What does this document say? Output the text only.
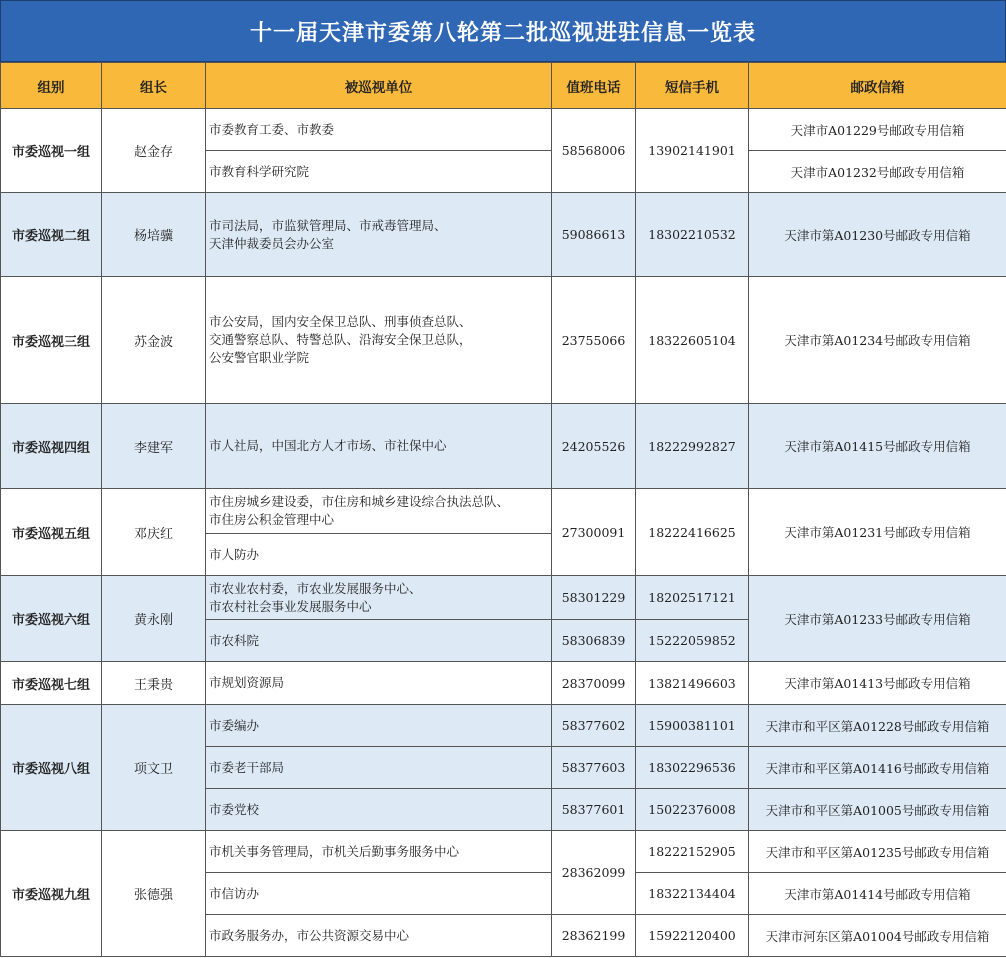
十一届天津市委第八轮第二批巡视进驻信息一览表
组别	组长	被巡视单位	值班电话	短信手机	邮政信箱
市委巡视一组	赵金存	市委教育工委、市教委	58568006	13902141901	天津市A01229号邮政专用信箱
		市教育科学研究院			天津市A01232号邮政专用信箱
市委巡视二组	杨培骥	市司法局，市监狱管理局、市戒毒管理局、
天津仲裁委员会办公室	59086613	18302210532	天津市第A01230号邮政专用信箱
市委巡视三组	苏金波	市公安局，国内安全保卫总队、刑事侦查总队、
交通警察总队、特警总队、沿海安全保卫总队，
公安警官职业学院	23755066	18322605104	天津市第A01234号邮政专用信箱
市委巡视四组	李建军	市人社局，中国北方人才市场、市社保中心	24205526	18222992827	天津市第A01415号邮政专用信箱
市委巡视五组	邓庆红	市住房城乡建设委，市住房和城乡建设综合执法总队、
市住房公积金管理中心	27300091	18222416625	天津市第A01231号邮政专用信箱
		市人防办			
市委巡视六组	黄永刚	市农业农村委，市农业发展服务中心、
市农村社会事业发展服务中心	58301229	18202517121	天津市第A01233号邮政专用信箱
		市农科院	58306839	15222059852	
市委巡视七组	王秉贵	市规划资源局	28370099	13821496603	天津市第A01413号邮政专用信箱
市委巡视八组	项文卫	市委编办	58377602	15900381101	天津市和平区第A01228号邮政专用信箱
		市委老干部局	58377603	18302296536	天津市和平区第A01416号邮政专用信箱
		市委党校	58377601	15022376008	天津市和平区第A01005号邮政专用信箱
市委巡视九组	张德强	市机关事务管理局，市机关后勤事务服务中心	28362099	18222152905	天津市和平区第A01235号邮政专用信箱
		市信访办		18322134404	天津市第A01414号邮政专用信箱
		市政务服务办，市公共资源交易中心	28362199	15922120400	天津市河东区第A01004号邮政专用信箱
